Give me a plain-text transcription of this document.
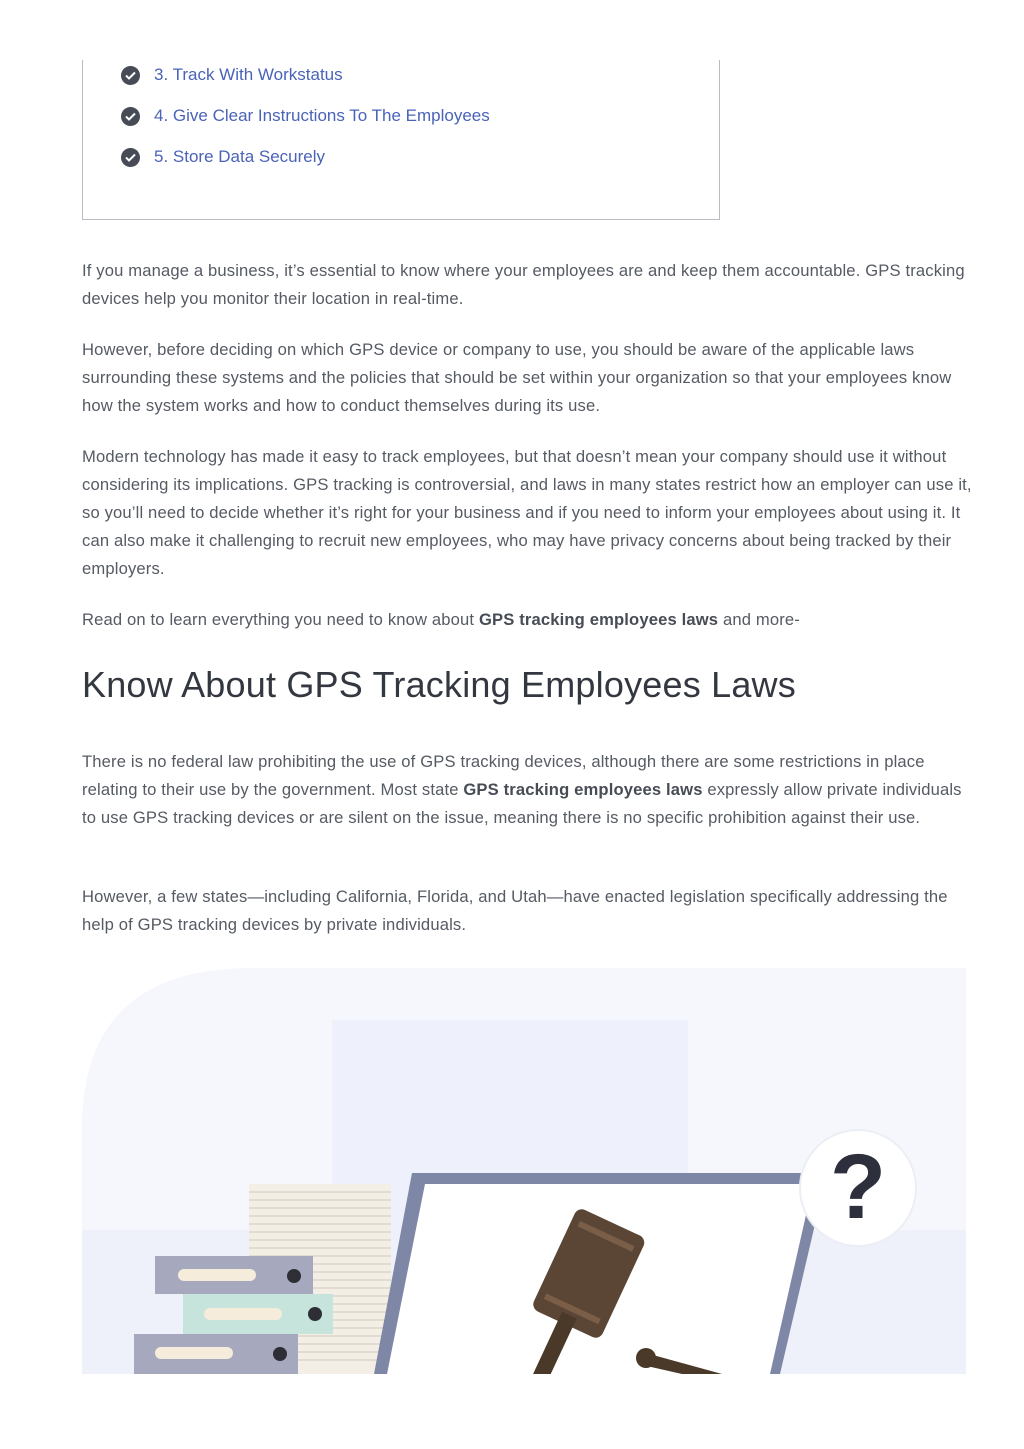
3. Track With Workstatus
4. Give Clear Instructions To The Employees
5. Store Data Securely

If you manage a business, it’s essential to know where your employees are and keep them accountable. GPS tracking devices help you monitor their location in real-time.

However, before deciding on which GPS device or company to use, you should be aware of the applicable laws surrounding these systems and the policies that should be set within your organization so that your employees know how the system works and how to conduct themselves during its use.

Modern technology has made it easy to track employees, but that doesn’t mean your company should use it without considering its implications. GPS tracking is controversial, and laws in many states restrict how an employer can use it, so you’ll need to decide whether it’s right for your business and if you need to inform your employees about using it. It can also make it challenging to recruit new employees, who may have privacy concerns about being tracked by their employers.

Read on to learn everything you need to know about GPS tracking employees laws and more-

Know About GPS Tracking Employees Laws

There is no federal law prohibiting the use of GPS tracking devices, although there are some restrictions in place relating to their use by the government. Most state GPS tracking employees laws expressly allow private individuals to use GPS tracking devices or are silent on the issue, meaning there is no specific prohibition against their use.

However, a few states—including California, Florida, and Utah—have enacted legislation specifically addressing the help of GPS tracking devices by private individuals.

?
